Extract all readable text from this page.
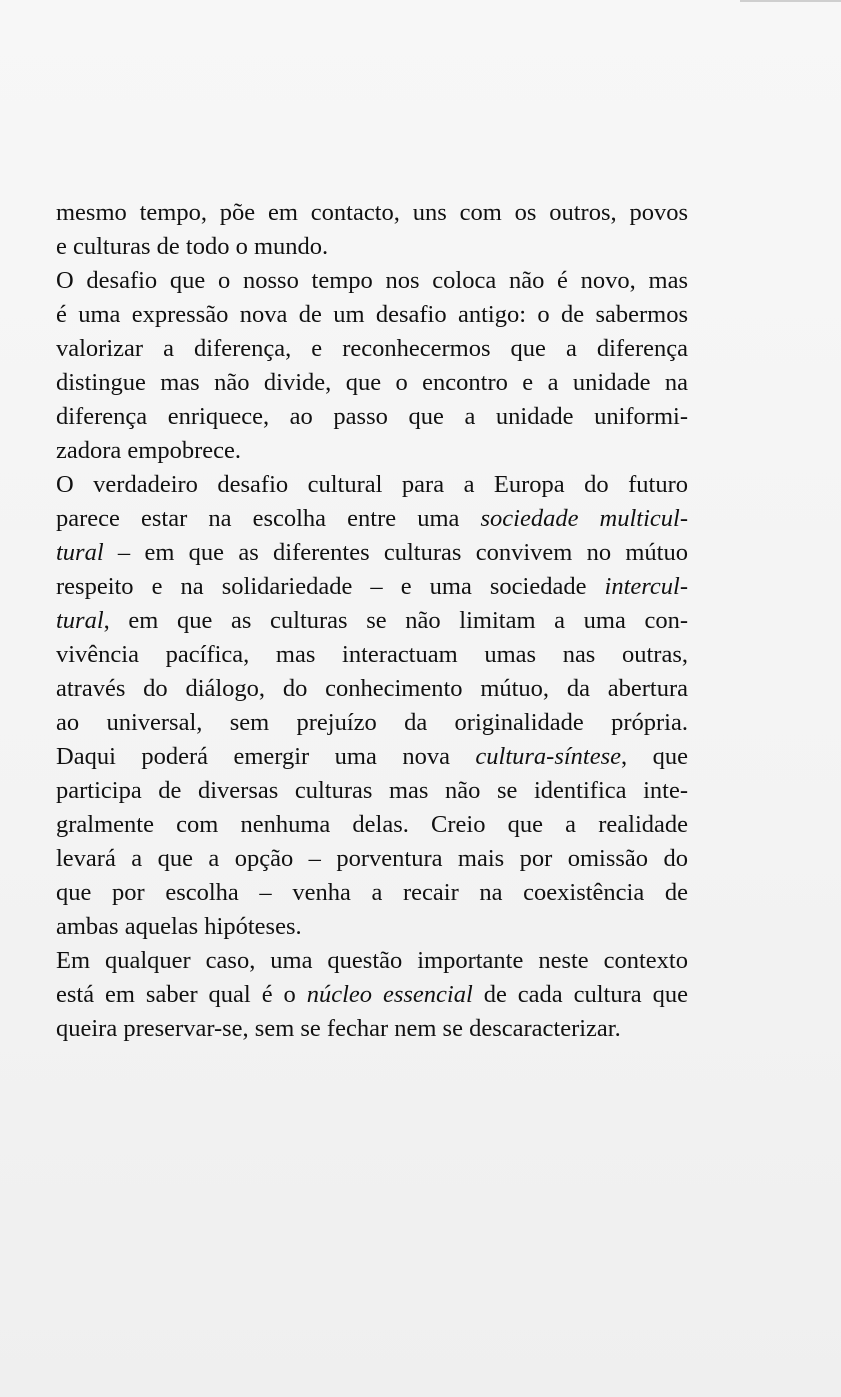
mesmo tempo, põe em contacto, uns com os outros, povos
e culturas de todo o mundo.
O desafio que o nosso tempo nos coloca não é novo, mas
é uma expressão nova de um desafio antigo: o de sabermos
valorizar a diferença, e reconhecermos que a diferença
distingue mas não divide, que o encontro e a unidade na
diferença enriquece, ao passo que a unidade uniformi-
zadora empobrece.
O verdadeiro desafio cultural para a Europa do futuro
parece estar na escolha entre uma sociedade multicul-
tural – em que as diferentes culturas convivem no mútuo
respeito e na solidariedade – e uma sociedade intercul-
tural, em que as culturas se não limitam a uma con-
vivência pacífica, mas interactuam umas nas outras,
através do diálogo, do conhecimento mútuo, da abertura
ao universal, sem prejuízo da originalidade própria.
Daqui poderá emergir uma nova cultura-síntese, que
participa de diversas culturas mas não se identifica inte-
gralmente com nenhuma delas. Creio que a realidade
levará a que a opção – porventura mais por omissão do
que por escolha – venha a recair na coexistência de
ambas aquelas hipóteses.
Em qualquer caso, uma questão importante neste contexto
está em saber qual é o núcleo essencial de cada cultura que
queira preservar-se, sem se fechar nem se descaracterizar.
